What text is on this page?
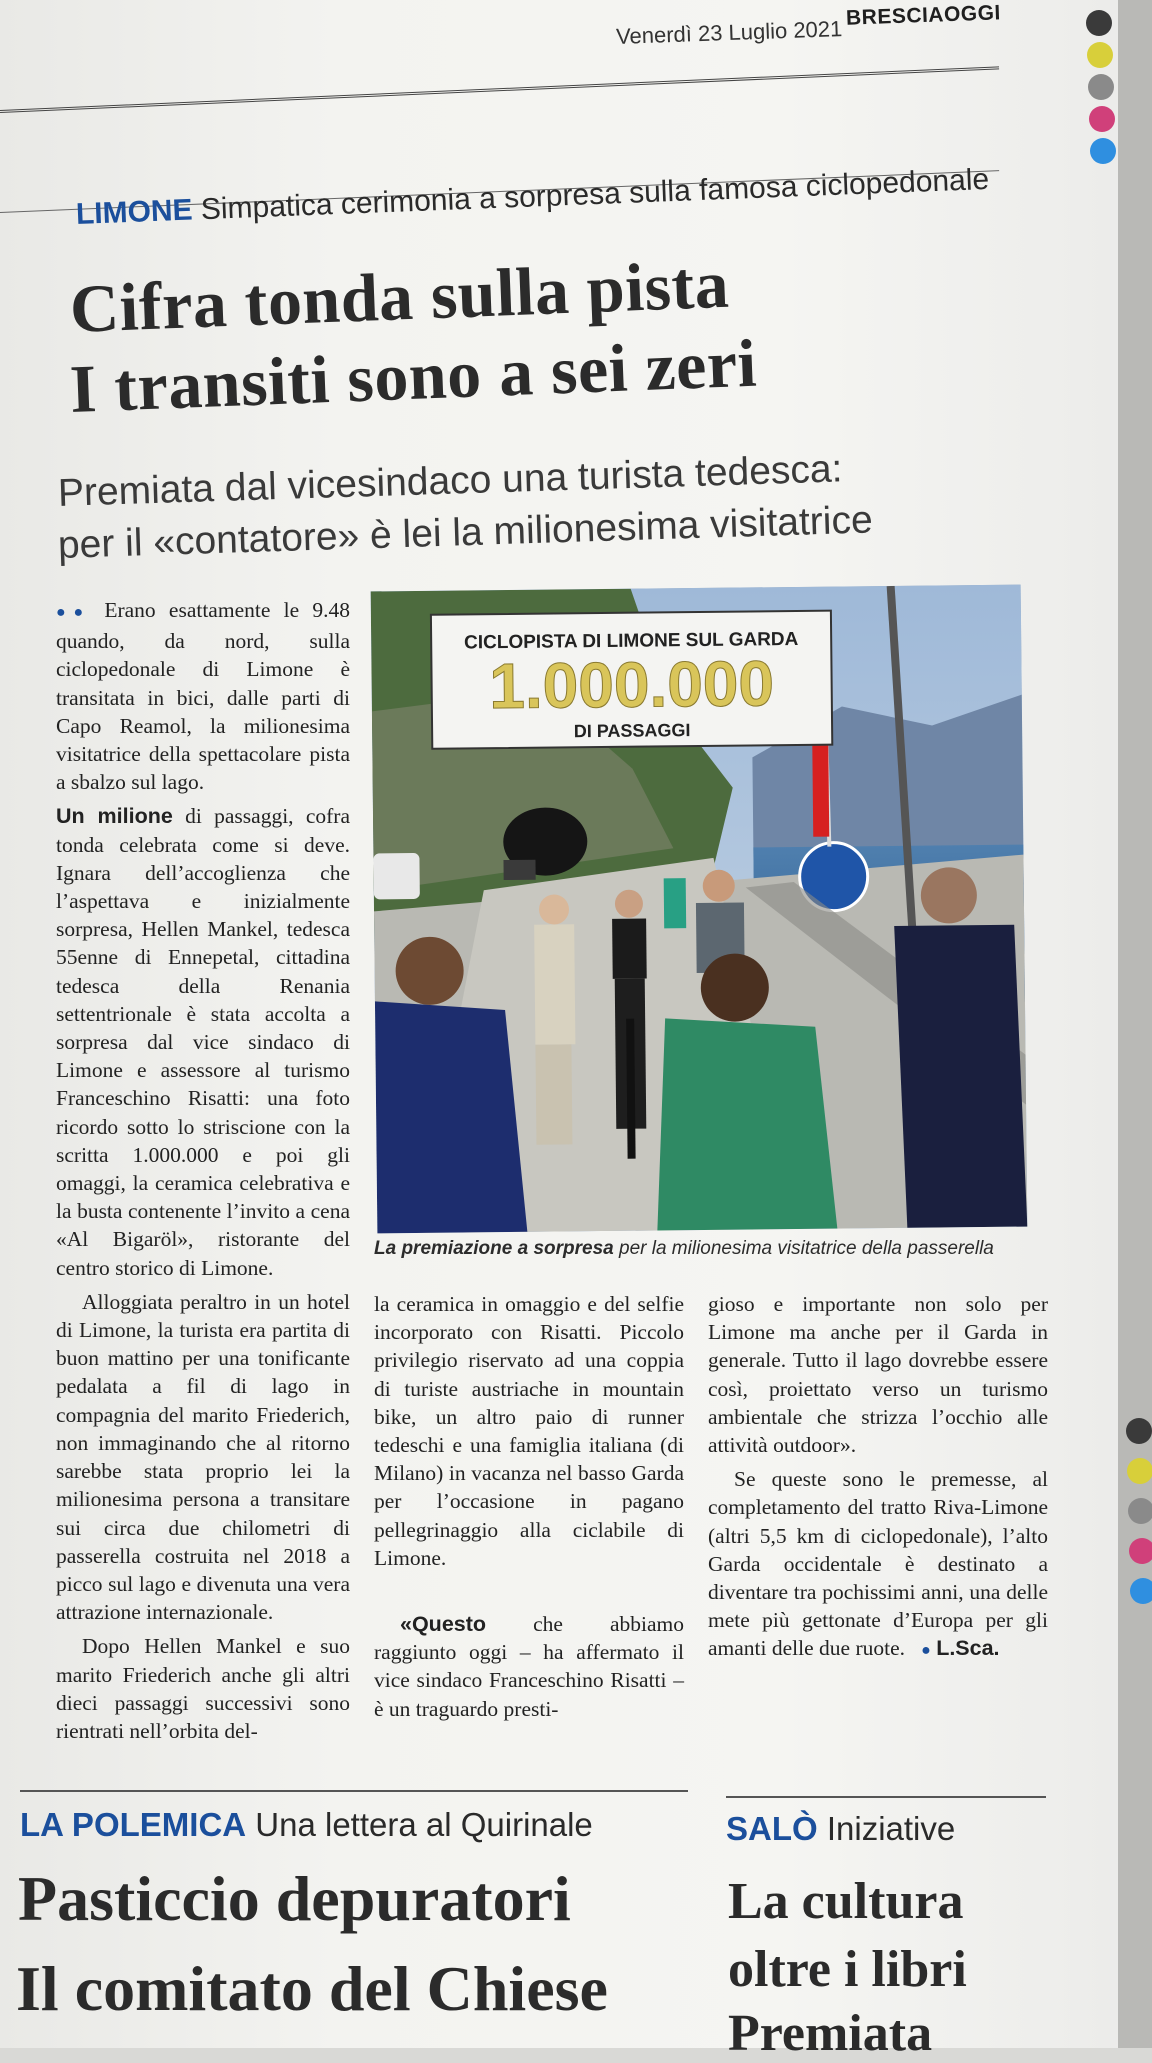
Venerdì 23 Luglio 2021
BRESCIAOGGI
LIMONE Simpatica cerimonia a sorpresa sulla famosa ciclopedonale
Cifra tonda sulla pista
I transiti sono a sei zeri
Premiata dal vicesindaco una turista tedesca:
per il «contatore» è lei la milionesima visitatrice

●● Erano esattamente le 9.48 quando, da nord, sulla ciclopedonale di Limone è transitata in bici, dalle parti di Capo Reamol, la milionesima visitatrice della spettacolare pista a sbalzo sul lago.

Un milione di passaggi, cofra tonda celebrata come si deve. Ignara dell’accoglienza che l’aspettava e inizialmente sorpresa, Hellen Mankel, tedesca 55enne di Ennepetal, cittadina tedesca della Renania settentrionale è stata accolta a sorpresa dal vice sindaco di Limone e assessore al turismo Franceschino Risatti: una foto ricordo sotto lo striscione con la scritta 1.000.000 e poi gli omaggi, la ceramica celebrativa e la busta contenente l’invito a cena «Al Bigaröl», ristorante del centro storico di Limone.

Alloggiata peraltro in un hotel di Limone, la turista era partita di buon mattino per una tonificante pedalata a fil di lago in compagnia del marito Friederich, non immaginando che al ritorno sarebbe stata proprio lei la milionesima persona a transitare sui circa due chilometri di passerella costruita nel 2018 a picco sul lago e divenuta una vera attrazione internazionale.

Dopo Hellen Mankel e suo marito Friederich anche gli altri dieci passaggi successivi sono rientrati nell’orbita del-

CICLOPISTA DI LIMONE SUL GARDA
1.000.000
DI PASSAGGI
La premiazione a sorpresa per la milionesima visitatrice della passerella

la ceramica in omaggio e del selfie incorporato con Risatti. Piccolo privilegio riservato ad una coppia di turiste austriache in mountain bike, un altro paio di runner tedeschi e una famiglia italiana (di Milano) in vacanza nel basso Garda per l’occasione in pagano pellegrinaggio alla ciclabile di Limone.

«Questo che abbiamo raggiunto oggi – ha affermato il vice sindaco Franceschino Risatti – è un traguardo presti-

gioso e importante non solo per Limone ma anche per il Garda in generale. Tutto il lago dovrebbe essere così, proiettato verso un turismo ambientale che strizza l’occhio alle attività outdoor».

Se queste sono le premesse, al completamento del tratto Riva-Limone (altri 5,5 km di ciclopedonale), l’alto Garda occidentale è destinato a diventare tra pochissimi anni, una delle mete più gettonate d’Europa per gli amanti delle due ruote. ● L.Sca.

LA POLEMICA Una lettera al Quirinale
Pasticcio depuratori
Il comitato del Chiese
SALÒ Iniziative
La cultura
oltre i libri
Premiata
